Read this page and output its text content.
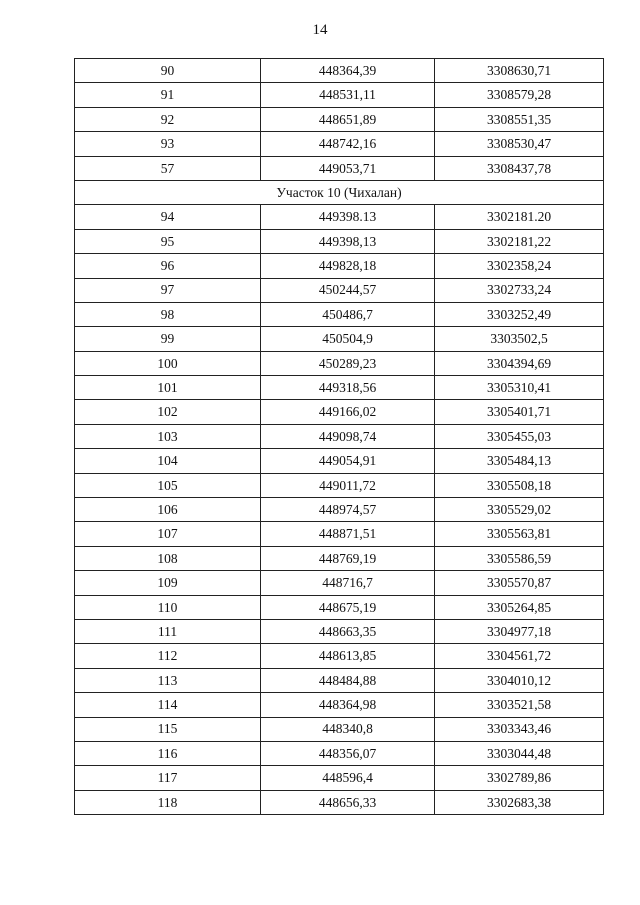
14
90	448364,39	3308630,71
91	448531,11	3308579,28
92	448651,89	3308551,35
93	448742,16	3308530,47
57	449053,71	3308437,78
Участок 10 (Чихалан)		
94	449398.13	3302181.20
95	449398,13	3302181,22
96	449828,18	3302358,24
97	450244,57	3302733,24
98	450486,7	3303252,49
99	450504,9	3303502,5
100	450289,23	3304394,69
101	449318,56	3305310,41
102	449166,02	3305401,71
103	449098,74	3305455,03
104	449054,91	3305484,13
105	449011,72	3305508,18
106	448974,57	3305529,02
107	448871,51	3305563,81
108	448769,19	3305586,59
109	448716,7	3305570,87
110	448675,19	3305264,85
111	448663,35	3304977,18
112	448613,85	3304561,72
113	448484,88	3304010,12
114	448364,98	3303521,58
115	448340,8	3303343,46
116	448356,07	3303044,48
117	448596,4	3302789,86
118	448656,33	3302683,38
